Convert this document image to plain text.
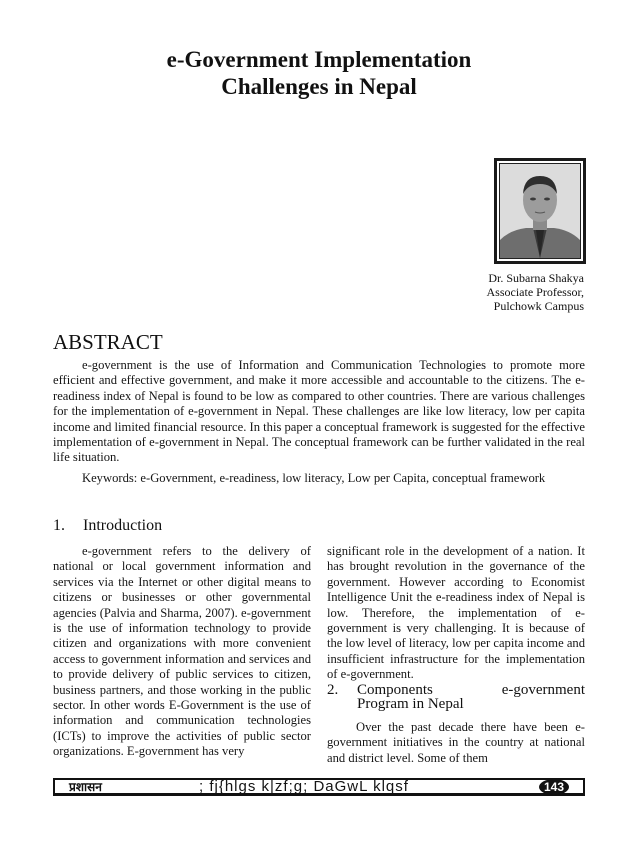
e-Government Implementation
Challenges in Nepal
Dr. Subarna Shakya
Associate Professor,
Pulchowk Campus
ABSTRACT

e-government is the use of Information and Communication Technologies to promote more efficient and effective government, and make it more accessible and accountable to the citizens. The e-readiness index of Nepal is found to be low as compared to other countries. There are various challenges for the implementation of e-government in Nepal. These challenges are like low literacy, low per capita income and limited financial resource. In this paper a conceptual framework is suggested for the effective implementation of e-government in Nepal. The conceptual framework can be further validated in the real life situation.

Keywords: e-Government, e-readiness, low literacy, Low per Capita, conceptual framework

1. Introduction

e-government refers to the delivery of national or local government information and services via the Internet or other digital means to citizens or businesses or other governmental agencies (Palvia and Sharma, 2007). e-government is the use of information technology to provide citizen and organizations with more convenient access to government information and services and to provide delivery of public services to citizen, business partners, and those working in the public sector. In other words E-Government is the use of information and communication technologies (ICTs) to improve the activities of public sector organizations. E-government has very

significant role in the development of a nation. It has brought revolution in the governance of the government. However according to Economist Intelligence Unit the e-readiness index of Nepal is low. Therefore, the implementation of e-government is very challenging. It is because of the low level of literacy, low per capita income and insufficient infrastructure for the implementation of e-government.

2. Components	e-government
Program in Nepal

Over the past decade there have been e-government initiatives in the country at national and district level. Some of them

प्रशासन	; fj{hlgs k|zf;g; DaGwL klqsf	143
